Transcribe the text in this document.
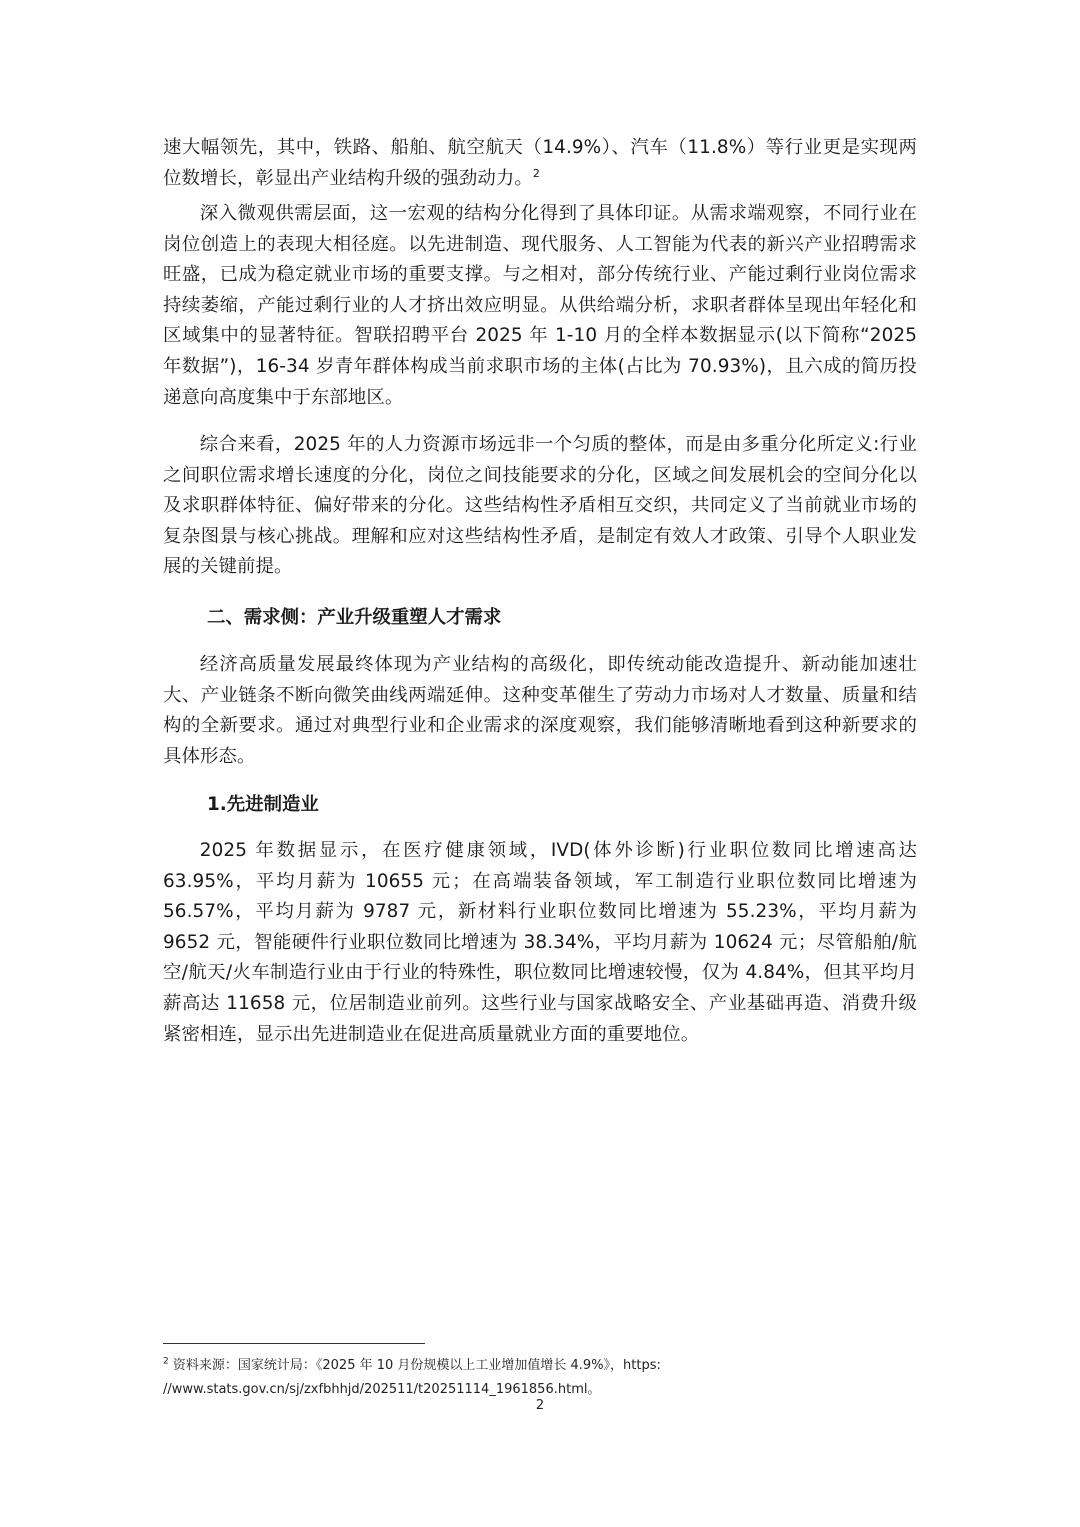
速大幅领先，其中，铁路、船舶、航空航天（14.9%）、汽车（11.8%）等行业更是实现两位数增长，彰显出产业结构升级的强劲动力。$^2$

深入微观供需层面，这一宏观的结构分化得到了具体印证。从需求端观察，不同行业在岗位创造上的表现大相径庭。以先进制造、现代服务、人工智能为代表的新兴产业招聘需求旺盛，已成为稳定就业市场的重要支撑。与之相对，部分传统行业、产能过剩行业岗位需求持续萎缩，产能过剩行业的人才挤出效应明显。从供给端分析，求职者群体呈现出年轻化和区域集中的显著特征。智联招聘平台 2025 年 1-10 月的全样本数据显示(以下简称“2025 年数据”)，16-34 岁青年群体构成当前求职市场的主体(占比为 70.93%)，且六成的简历投递意向高度集中于东部地区。

综合来看，2025 年的人力资源市场远非一个匀质的整体，而是由多重分化所定义:行业之间职位需求增长速度的分化，岗位之间技能要求的分化，区域之间发展机会的空间分化以及求职群体特征、偏好带来的分化。这些结构性矛盾相互交织，共同定义了当前就业市场的复杂图景与核心挑战。理解和应对这些结构性矛盾，是制定有效人才政策、引导个人职业发展的关键前提。

二、需求侧：产业升级重塑人才需求

经济高质量发展最终体现为产业结构的高级化，即传统动能改造提升、新动能加速壮大、产业链条不断向微笑曲线两端延伸。这种变革催生了劳动力市场对人才数量、质量和结构的全新要求。通过对典型行业和企业需求的深度观察，我们能够清晰地看到这种新要求的具体形态。

1.先进制造业

2025 年数据显示，在医疗健康领域，IVD(体外诊断)行业职位数同比增速高达 63.95%，平均月薪为 10655 元；在高端装备领域，军工制造行业职位数同比增速为 56.57%，平均月薪为 9787 元，新材料行业职位数同比增速为 55.23%，平均月薪为 9652 元，智能硬件行业职位数同比增速为 38.34%，平均月薪为 10624 元；尽管船舶/航空/航天/火车制造行业由于行业的特殊性，职位数同比增速较慢，仅为 4.84%，但其平均月薪高达 11658 元，位居制造业前列。这些行业与国家战略安全、产业基础再造、消费升级紧密相连，显示出先进制造业在促进高质量就业方面的重要地位。

$^2$ 资料来源：国家统计局：《2025 年 10 月份规模以上工业增加值增长 4.9%》，https:
//www.stats.gov.cn/sj/zxfbhhjd/202511/t20251114_1961856.html。
2
